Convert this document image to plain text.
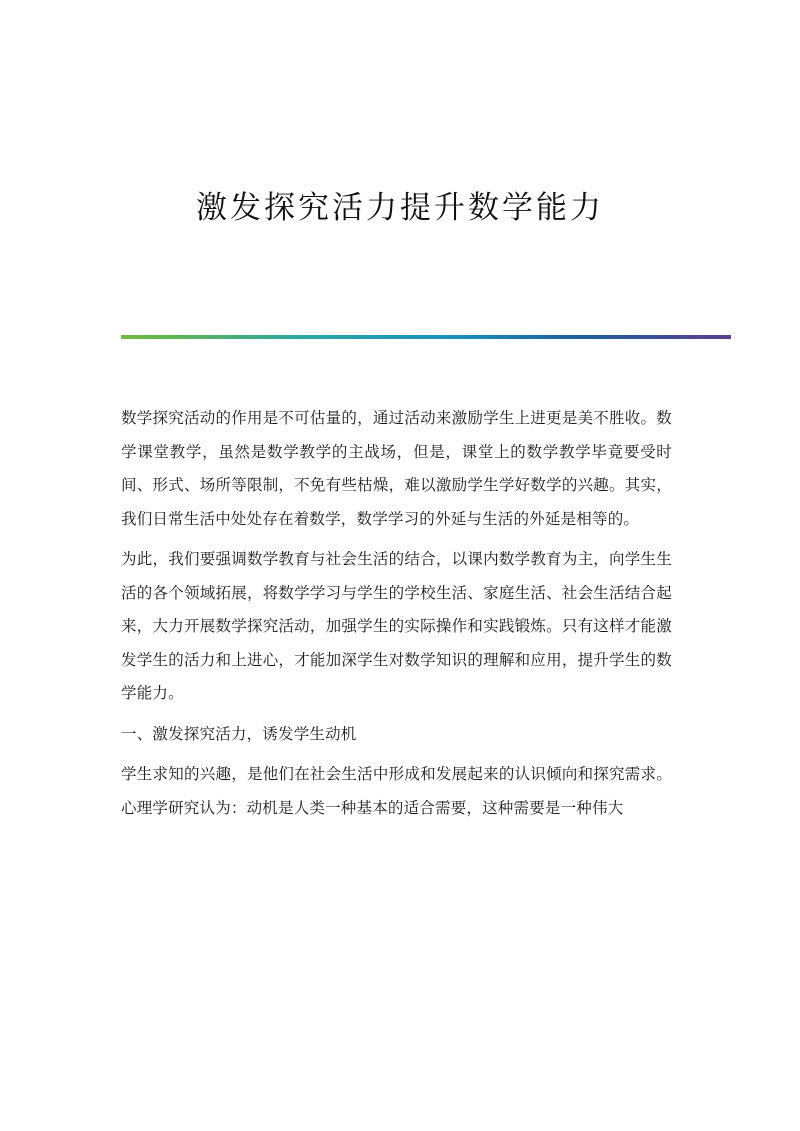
激发探究活力提升数学能力

数学探究活动的作用是不可估量的，通过活动来激励学生上进更是美不胜收。数学课堂教学，虽然是数学教学的主战场，但是，课堂上的数学教学毕竟要受时间、形式、场所等限制，不免有些枯燥，难以激励学生学好数学的兴趣。其实，我们日常生活中处处存在着数学，数学学习的外延与生活的外延是相等的。

为此，我们要强调数学教育与社会生活的结合，以课内数学教育为主，向学生生活的各个领域拓展，将数学学习与学生的学校生活、家庭生活、社会生活结合起来，大力开展数学探究活动，加强学生的实际操作和实践锻炼。只有这样才能激发学生的活力和上进心，才能加深学生对数学知识的理解和应用，提升学生的数学能力。

一、激发探究活力，诱发学生动机

学生求知的兴趣，是他们在社会生活中形成和发展起来的认识倾向和探究需求。心理学研究认为：动机是人类一种基本的适合需要，这种需要是一种伟大
